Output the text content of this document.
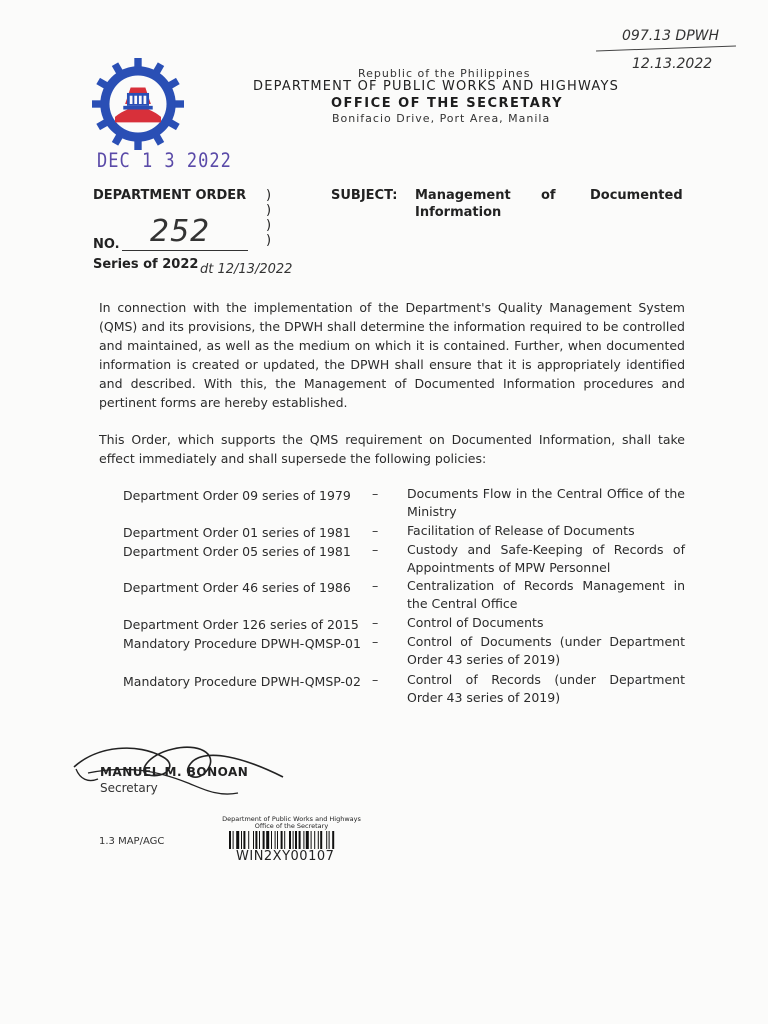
Republic of the Philippines
DEPARTMENT OF PUBLIC WORKS AND HIGHWAYS
OFFICE OF THE SECRETARY
Bonifacio Drive, Port Area, Manila
097.13 DPWH
12.13.2022
DEC 1 3 2022
DEPARTMENT ORDER )
)
)
)
NO. 252
Series of 2022 dt 12/13/2022
SUBJECT: Management of	Documented
Information
In connection with the implementation of the Department's Quality Management System (QMS) and its provisions, the DPWH shall determine the information required to be controlled and maintained, as well as the medium on which it is contained. Further, when documented information is created or updated, the DPWH shall ensure that it is appropriately identified and described. With this, the Management of Documented Information procedures and pertinent forms are hereby established.
This Order, which supports the QMS requirement on Documented Information, shall take effect immediately and shall supersede the following policies:
Department Order 09 series of 1979 – Documents Flow in the Central Office of the Ministry
Department Order 01 series of 1981 – Facilitation of Release of Documents
Department Order 05 series of 1981 – Custody and Safe-Keeping of Records of Appointments of MPW Personnel
Department Order 46 series of 1986 – Centralization of Records Management in the Central Office
Department Order 126 series of 2015 – Control of Documents
Mandatory Procedure DPWH-QMSP-01 – Control of Documents (under Department Order 43 series of 2019)
Mandatory Procedure DPWH-QMSP-02 – Control of Records (under Department Order 43 series of 2019)
MANUEL M. BONOAN
Secretary
1.3 MAP/AGC
Department of Public Works and Highways
Office of the Secretary
WIN2XY00107
